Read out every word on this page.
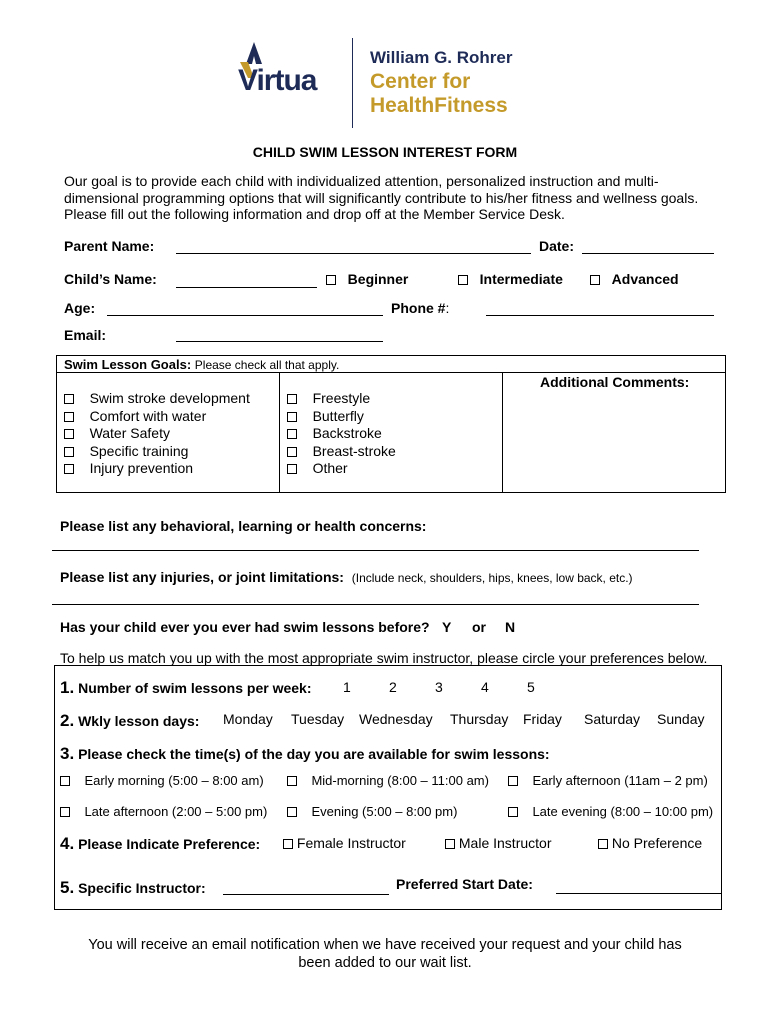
Virtua
William G. Rohrer
Center for
HealthFitness
CHILD SWIM LESSON INTEREST FORM
Our goal is to provide each child with individualized attention, personalized instruction and multi-
dimensional programming options that will significantly contribute to his/her fitness and wellness goals.
Please fill out the following information and drop off at the Member Service Desk.
Parent Name:	Date:
Child’s Name:	Beginner	Intermediate	Advanced
Age:	Phone #:
Email:
Swim Lesson Goals: Please check all that apply.
Additional Comments:
Swim stroke development
Comfort with water
Water Safety
Specific training
Injury prevention
Freestyle
Butterfly
Backstroke
Breast-stroke
Other
Please list any behavioral, learning or health concerns:
Please list any injuries, or joint limitations: (Include neck, shoulders, hips, knees, low back, etc.)
Has your child ever you ever had swim lessons before? Y or N
To help us match you up with the most appropriate swim instructor, please circle your preferences below.
1. Number of swim lessons per week: 1	2	3	4	5
2. Wkly lesson days: Monday Tuesday Wednesday Thursday Friday Saturday Sunday
3. Please check the time(s) of the day you are available for swim lessons:
Early morning (5:00 – 8:00 am)	Mid-morning (8:00 – 11:00 am)	Early afternoon (11am – 2 pm)
Late afternoon (2:00 – 5:00 pm)	Evening (5:00 – 8:00 pm)	Late evening (8:00 – 10:00 pm)
4. Please Indicate Preference:	Female Instructor	Male Instructor	No Preference
5. Specific Instructor:	Preferred Start Date:
You will receive an email notification when we have received your request and your child has
been added to our wait list.
